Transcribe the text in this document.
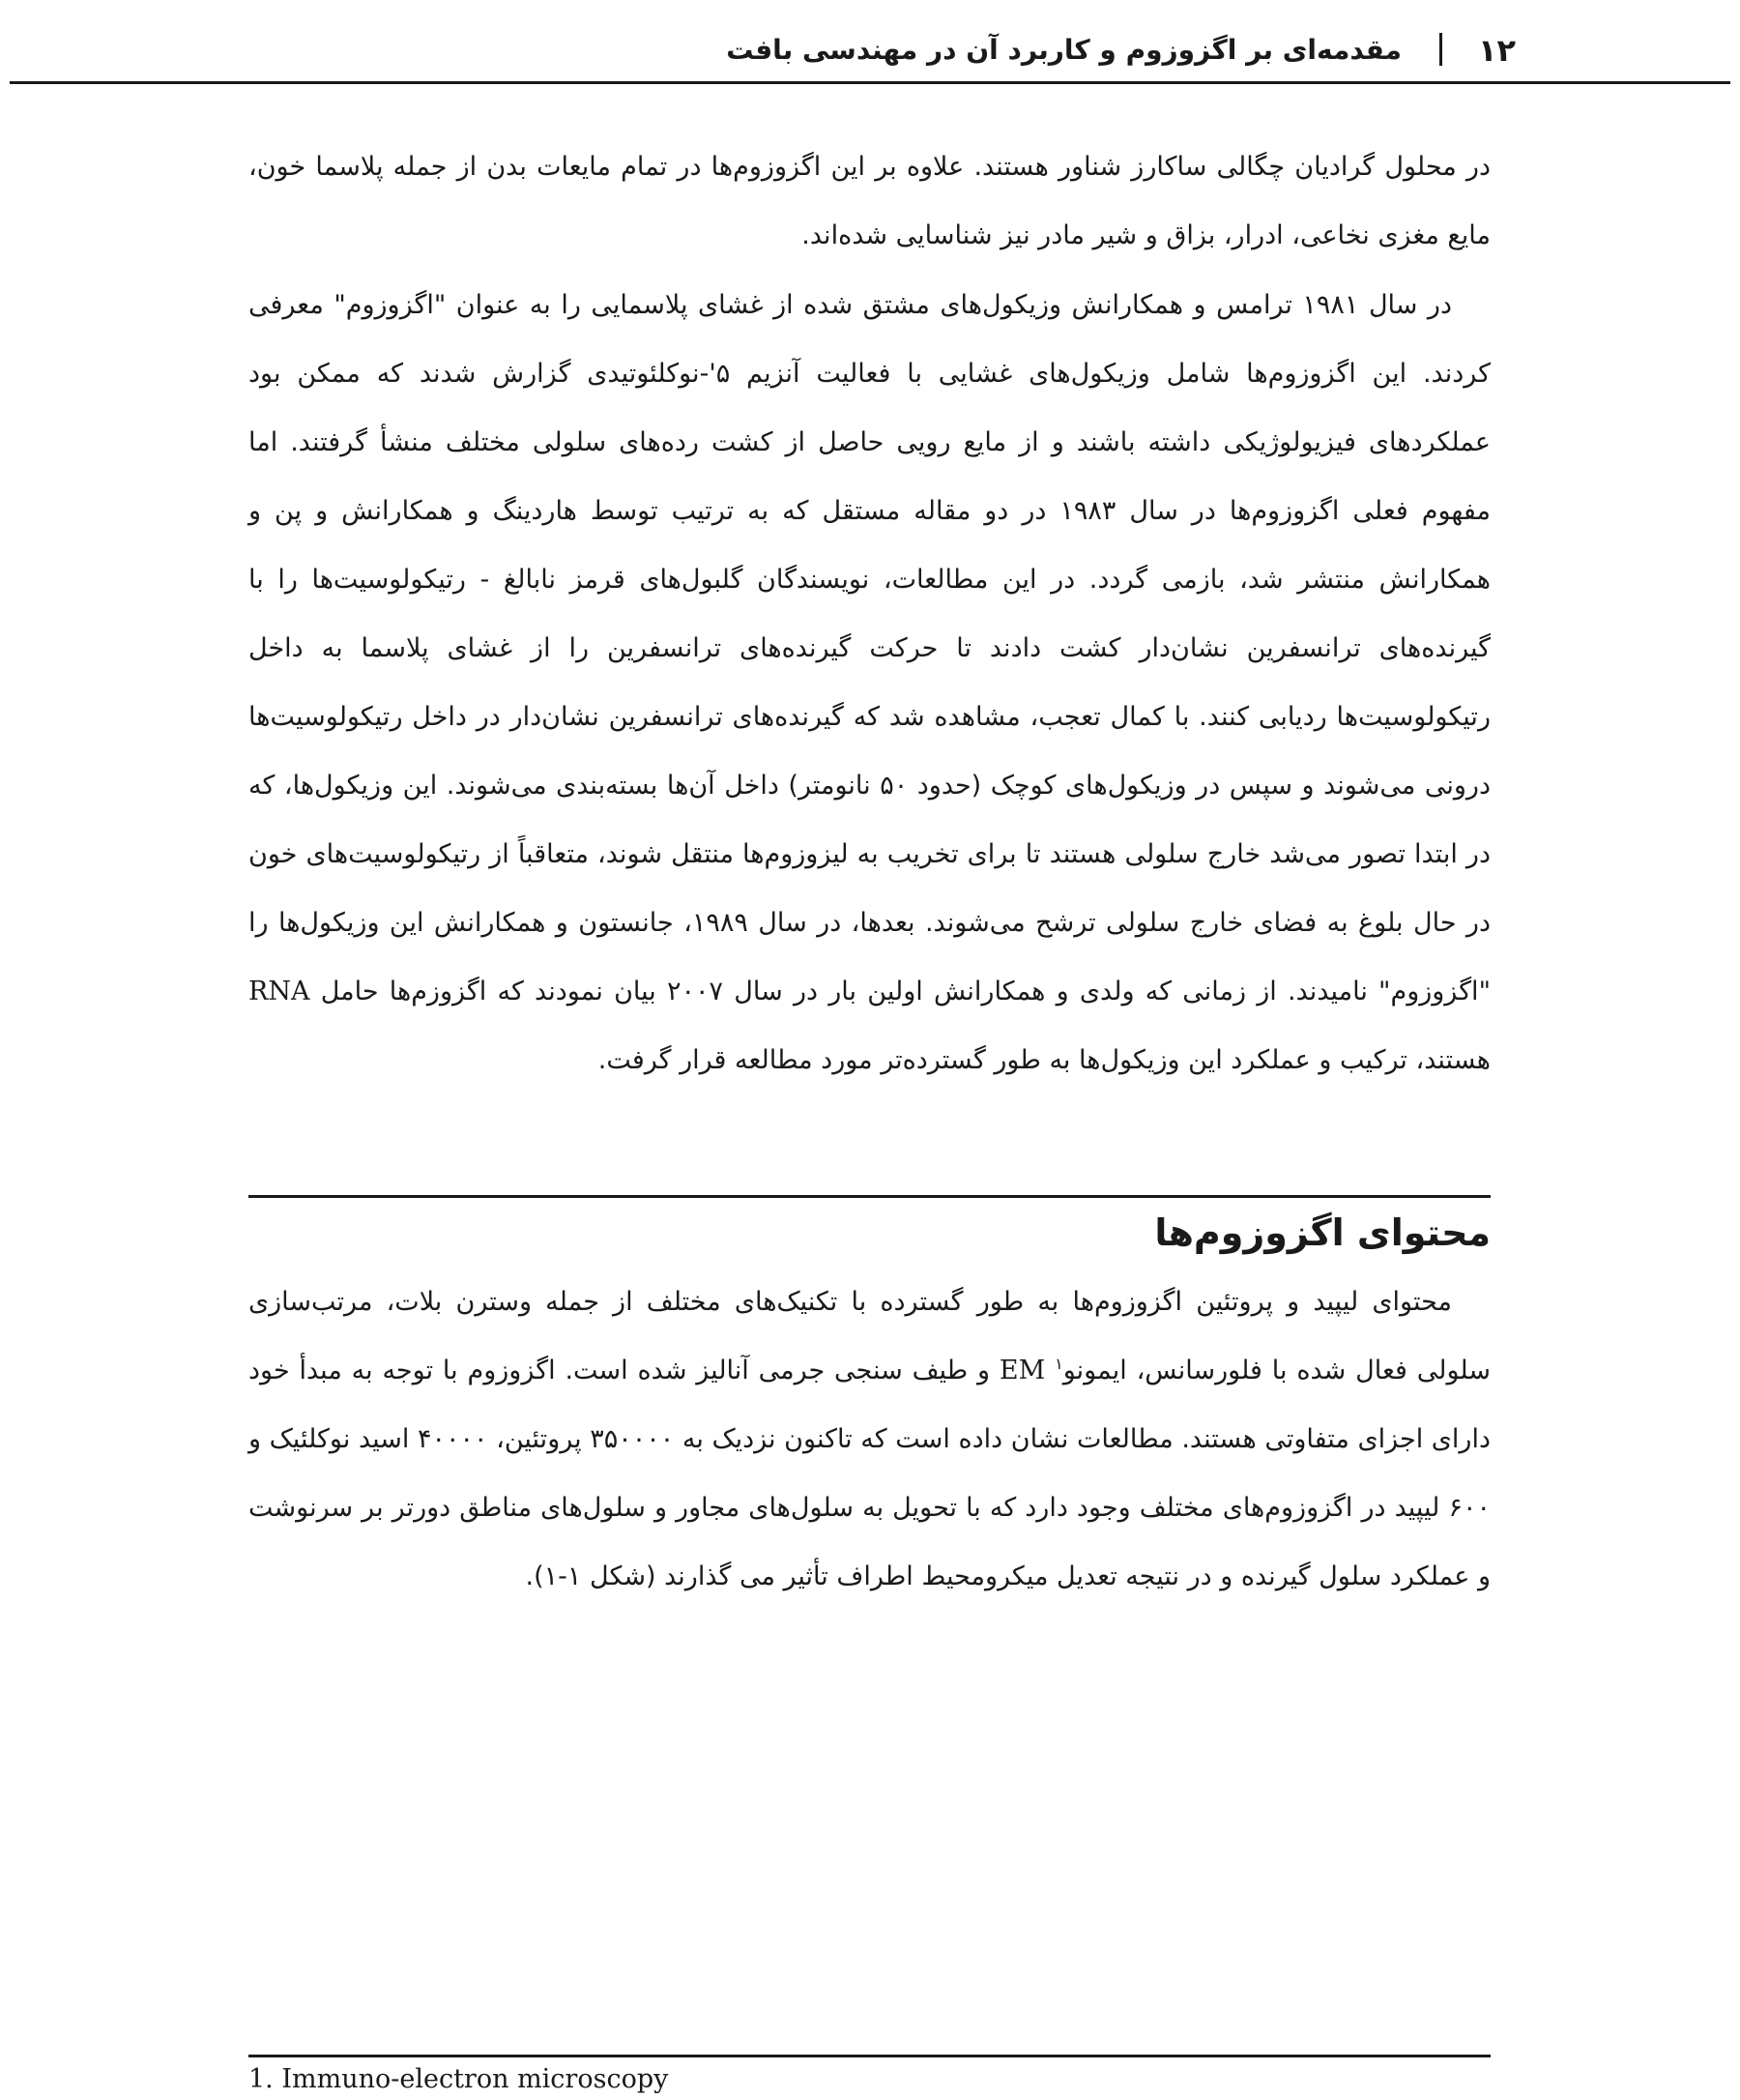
۱۲
مقدمه‌ای بر اگزوزوم و کاربرد آن در مهندسی بافت

در محلول گرادیان چگالی ساکارز شناور هستند. علاوه بر این اگزوزوم‌ها در تمام مایعات بدن از جمله پلاسما خون، مایع مغزی نخاعی، ادرار، بزاق و شیر مادر نیز شناسایی شده‌اند.

در سال ۱۹۸۱ ترامس و همکارانش وزیکول‌های مشتق شده از غشای پلاسمایی را به عنوان "اگزوزوم" معرفی کردند. این اگزوزوم‌ها شامل وزیکول‌های غشایی با فعالیت آنزیم ۵'-نوکلئوتیدی گزارش شدند که ممکن بود عملکردهای فیزیولوژیکی داشته باشند و از مایع رویی حاصل از کشت رده‌های سلولی مختلف منشأ گرفتند. اما مفهوم فعلی اگزوزوم‌ها در سال ۱۹۸۳ در دو مقاله مستقل که به ترتیب توسط هاردینگ و همکارانش و پن و همکارانش منتشر شد، بازمی گردد. در این مطالعات، نویسندگان گلبول‌های قرمز نابالغ - رتیکولوسیت‌ها را با گیرنده‌های ترانسفرین نشان‌دار کشت دادند تا حرکت گیرنده‌های ترانسفرین را از غشای پلاسما به داخل رتیکولوسیت‌ها ردیابی کنند. با کمال تعجب، مشاهده شد که گیرنده‌های ترانسفرین نشان‌دار در داخل رتیکولوسیت‌ها درونی می‌شوند و سپس در وزیکول‌های کوچک (حدود ۵۰ نانومتر) داخل آن‌ها بسته‌بندی می‌شوند. این وزیکول‌ها، که در ابتدا تصور می‌شد خارج سلولی هستند تا برای تخریب به لیزوزوم‌ها منتقل شوند، متعاقباً از رتیکولوسیت‌های خون در حال بلوغ به فضای خارج سلولی ترشح می‌شوند. بعدها، در سال ۱۹۸۹، جانستون و همکارانش این وزیکول‌ها را "اگزوزوم" نامیدند. از زمانی که ولدی و همکارانش اولین بار در سال ۲۰۰۷ بیان نمودند که اگزوزم‌ها حامل RNA هستند، ترکیب و عملکرد این وزیکول‌ها به طور گسترده‌تر مورد مطالعه قرار گرفت.

محتوای اگزوزوم‌ها

محتوای لیپید و پروتئین اگزوزوم‌ها به طور گسترده با تکنیک‌های مختلف از جمله وسترن بلات، مرتب‌سازی سلولی فعال شده با فلورسانس، ایمونو‌EM $^۱$ و طیف سنجی جرمی آنالیز شده است. اگزوزوم با توجه به مبدأ خود دارای اجزای متفاوتی هستند. مطالعات نشان داده است که تاکنون نزدیک به ۳۵۰۰۰۰ پروتئین، ۴۰۰۰۰ اسید نوکلئیک و ۶۰۰ لیپید در اگزوزوم‌های مختلف وجود دارد که با تحویل به سلول‌های مجاور و سلول‌های مناطق دورتر بر سرنوشت و عملکرد سلول گیرنده و در نتیجه تعدیل میکرومحیط اطراف تأثیر می گذارند (شکل ۱-۱).

1. Immuno-electron microscopy
